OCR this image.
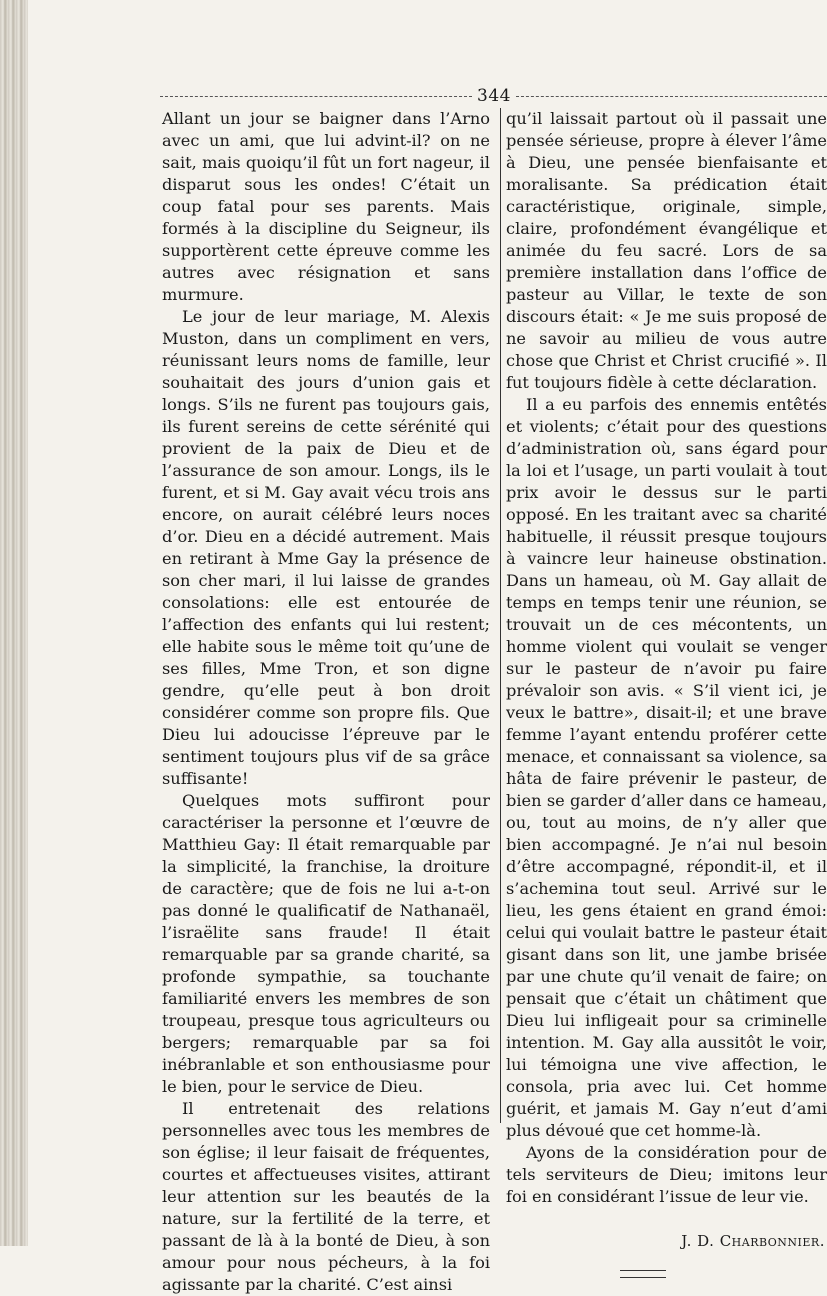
344

Allant un jour se baigner dans l’Arno avec un ami, que lui advint-il? on ne sait, mais quoiqu’il fût un fort nageur, il disparut sous les ondes! C’était un coup fatal pour ses parents. Mais formés à la discipline du Seigneur, ils supportèrent cette épreuve comme les autres avec résignation et sans murmure.

Le jour de leur mariage, M. Alexis Muston, dans un compliment en vers, réunissant leurs noms de famille, leur souhaitait des jours d’union gais et longs. S’ils ne furent pas toujours gais, ils furent sereins de cette sérénité qui provient de la paix de Dieu et de l’assurance de son amour. Longs, ils le furent, et si M. Gay avait vécu trois ans encore, on aurait célébré leurs noces d’or. Dieu en a décidé autrement. Mais en retirant à Mme Gay la présence de son cher mari, il lui laisse de grandes consolations: elle est entourée de l’affection des enfants qui lui restent; elle habite sous le même toit qu’une de ses filles, Mme Tron, et son digne gendre, qu’elle peut à bon droit considérer comme son propre fils. Que Dieu lui adoucisse l’épreuve par le sentiment toujours plus vif de sa grâce suffisante!

Quelques mots suffiront pour caractériser la personne et l’œuvre de Matthieu Gay: Il était remarquable par la simplicité, la franchise, la droiture de caractère; que de fois ne lui a-t-on pas donné le qualificatif de Nathanaël, l’israëlite sans fraude! Il était remarquable par sa grande charité, sa profonde sympathie, sa touchante familiarité envers les membres de son troupeau, presque tous agriculteurs ou bergers; remarquable par sa foi inébranlable et son enthousiasme pour le bien, pour le service de Dieu.

Il entretenait des relations personnelles avec tous les membres de son église; il leur faisait de fréquentes, courtes et affectueuses visites, attirant leur attention sur les beautés de la nature, sur la fertilité de la terre, et passant de là à la bonté de Dieu, à son amour pour nous pécheurs, à la foi agissante par la charité. C’est ainsi

qu’il laissait partout où il passait une pensée sérieuse, propre à élever l’âme à Dieu, une pensée bienfaisante et moralisante. Sa prédication était caractéristique, originale, simple, claire, profondément évangélique et animée du feu sacré. Lors de sa première installation dans l’office de pasteur au Villar, le texte de son discours était: « Je me suis proposé de ne savoir au milieu de vous autre chose que Christ et Christ crucifié ». Il fut toujours fidèle à cette déclaration.

Il a eu parfois des ennemis entêtés et violents; c’était pour des questions d’administration où, sans égard pour la loi et l’usage, un parti voulait à tout prix avoir le dessus sur le parti opposé. En les traitant avec sa charité habituelle, il réussit presque toujours à vaincre leur haineuse obstination. Dans un hameau, où M. Gay allait de temps en temps tenir une réunion, se trouvait un de ces mécontents, un homme violent qui voulait se venger sur le pasteur de n’avoir pu faire prévaloir son avis. « S’il vient ici, je veux le battre», disait-il; et une brave femme l’ayant entendu proférer cette menace, et connaissant sa violence, sa hâta de faire prévenir le pasteur, de bien se garder d’aller dans ce hameau, ou, tout au moins, de n’y aller que bien accompagné. Je n’ai nul besoin d’être accompagné, répondit-il, et il s’achemina tout seul. Arrivé sur le lieu, les gens étaient en grand émoi: celui qui voulait battre le pasteur était gisant dans son lit, une jambe brisée par une chute qu’il venait de faire; on pensait que c’était un châtiment que Dieu lui infligeait pour sa criminelle intention. M. Gay alla aussitôt le voir, lui témoigna une vive affection, le consola, pria avec lui. Cet homme guérit, et jamais M. Gay n’eut d’ami plus dévoué que cet homme-là.

Ayons de la considération pour de tels serviteurs de Dieu; imitons leur foi en considérant l’issue de leur vie.

J. D. Charbonnier.
